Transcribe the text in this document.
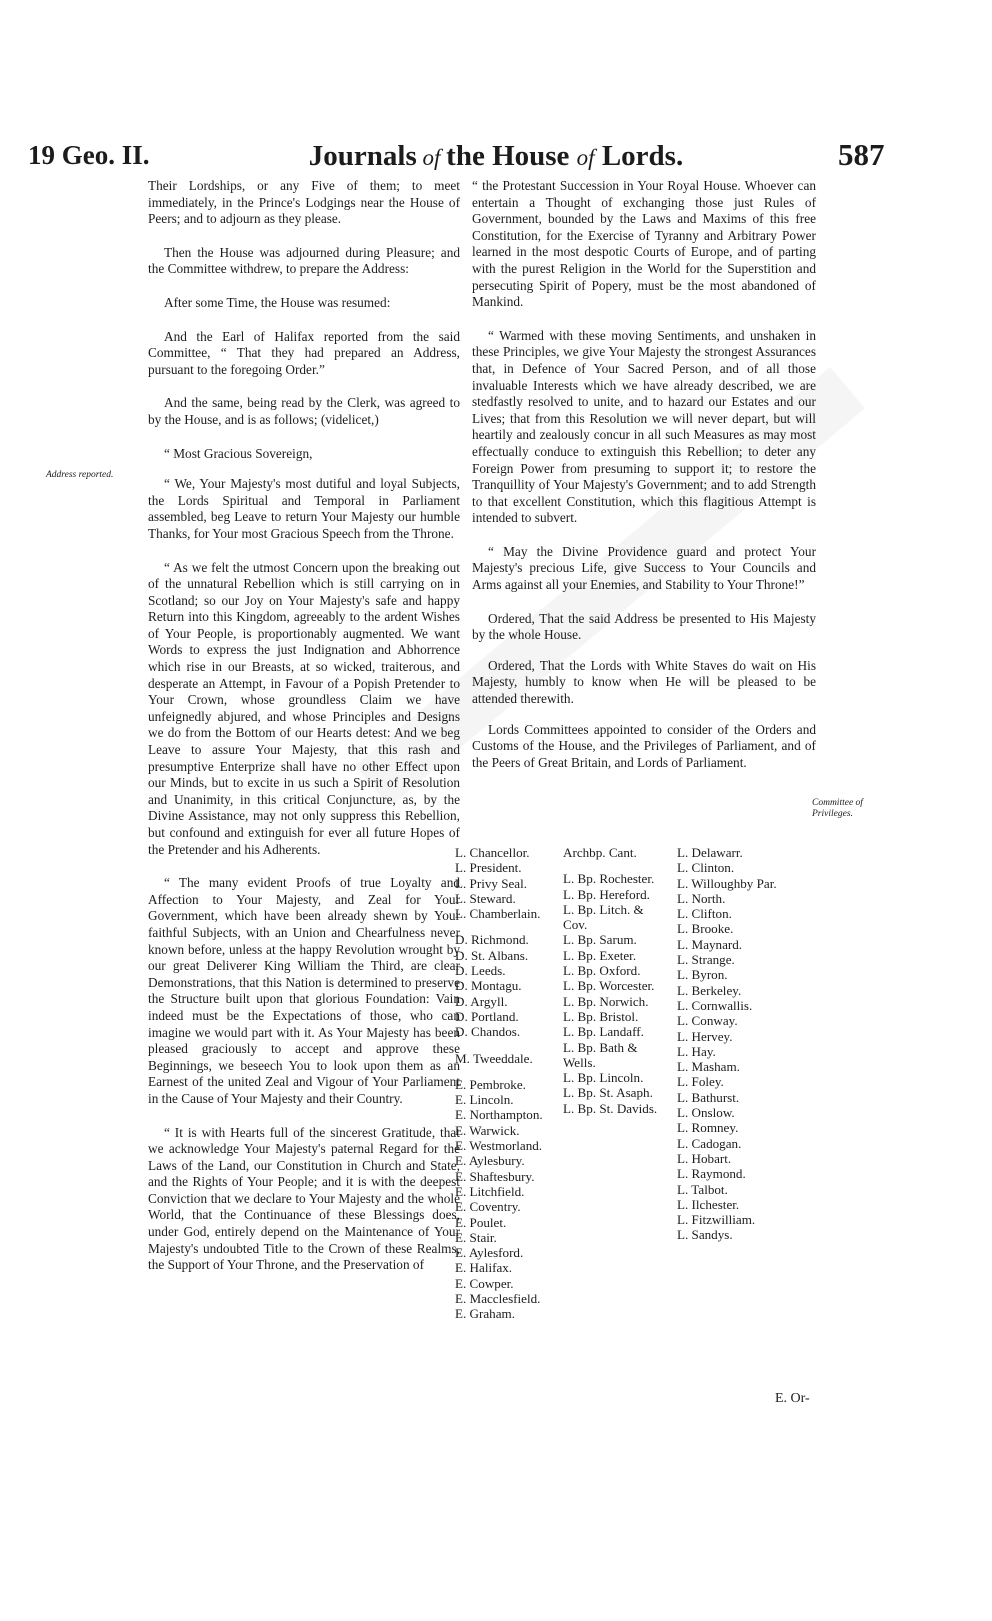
19 Geo. II.	Journals of the House of Lords.	587
Address reported.
Committee of Privileges.

Their Lordships, or any Five of them; to meet immediately, in the Prince's Lodgings near the House of Peers; and to adjourn as they please.

Then the House was adjourned during Pleasure; and the Committee withdrew, to prepare the Address:

After some Time, the House was resumed:

And the Earl of Halifax reported from the said Committee, “ That they had prepared an Address, pursuant to the foregoing Order.”

And the same, being read by the Clerk, was agreed to by the House, and is as follows; (videlicet,)

“ Most Gracious Sovereign,

“ We, Your Majesty's most dutiful and loyal Subjects, the Lords Spiritual and Temporal in Parliament assembled, beg Leave to return Your Majesty our humble Thanks, for Your most Gracious Speech from the Throne.

“ As we felt the utmost Concern upon the breaking out of the unnatural Rebellion which is still carrying on in Scotland; so our Joy on Your Majesty's safe and happy Return into this Kingdom, agreeably to the ardent Wishes of Your People, is proportionably augmented. We want Words to express the just Indignation and Abhorrence which rise in our Breasts, at so wicked, traiterous, and desperate an Attempt, in Favour of a Popish Pretender to Your Crown, whose groundless Claim we have unfeignedly abjured, and whose Principles and Designs we do from the Bottom of our Hearts detest: And we beg Leave to assure Your Majesty, that this rash and presumptive Enterprize shall have no other Effect upon our Minds, but to excite in us such a Spirit of Resolution and Unanimity, in this critical Conjuncture, as, by the Divine Assistance, may not only suppress this Rebellion, but confound and extinguish for ever all future Hopes of the Pretender and his Adherents.

“ The many evident Proofs of true Loyalty and Affection to Your Majesty, and Zeal for Your Government, which have been already shewn by Your faithful Subjects, with an Union and Chearfulness never known before, unless at the happy Revolution wrought by our great Deliverer King William the Third, are clear Demonstrations, that this Nation is determined to preserve the Structure built upon that glorious Foundation: Vain indeed must be the Expectations of those, who can imagine we would part with it. As Your Majesty has been pleased graciously to accept and approve these Beginnings, we beseech You to look upon them as an Earnest of the united Zeal and Vigour of Your Parliament in the Cause of Your Majesty and their Country.

“ It is with Hearts full of the sincerest Gratitude, that we acknowledge Your Majesty's paternal Regard for the Laws of the Land, our Constitution in Church and State, and the Rights of Your People; and it is with the deepest Conviction that we declare to Your Majesty and the whole World, that the Continuance of these Blessings does, under God, entirely depend on the Maintenance of Your Majesty's undoubted Title to the Crown of these Realms, the Support of Your Throne, and the Preservation of

“ the Protestant Succession in Your Royal House. Whoever can entertain a Thought of exchanging those just Rules of Government, bounded by the Laws and Maxims of this free Constitution, for the Exercise of Tyranny and Arbitrary Power learned in the most despotic Courts of Europe, and of parting with the purest Religion in the World for the Superstition and persecuting Spirit of Popery, must be the most abandoned of Mankind.

“ Warmed with these moving Sentiments, and unshaken in these Principles, we give Your Majesty the strongest Assurances that, in Defence of Your Sacred Person, and of all those invaluable Interests which we have already described, we are stedfastly resolved to unite, and to hazard our Estates and our Lives; that from this Resolution we will never depart, but will heartily and zealously concur in all such Measures as may most effectually conduce to extinguish this Rebellion; to deter any Foreign Power from presuming to support it; to restore the Tranquillity of Your Majesty's Government; and to add Strength to that excellent Constitution, which this flagitious Attempt is intended to subvert.

“ May the Divine Providence guard and protect Your Majesty's precious Life, give Success to Your Councils and Arms against all your Enemies, and Stability to Your Throne!”

Ordered, That the said Address be presented to His Majesty by the whole House.

Ordered, That the Lords with White Staves do wait on His Majesty, humbly to know when He will be pleased to be attended therewith.

Lords Committees appointed to consider of the Orders and Customs of the House, and the Privileges of Parliament, and of the Peers of Great Britain, and Lords of Parliament.

L. Chancellor.
L. President.
L. Privy Seal.
L. Steward.
L. Chamberlain.
D. Richmond.
D. St. Albans.
D. Leeds.
D. Montagu.
D. Argyll.
D. Portland.
D. Chandos.
M. Tweeddale.
E. Pembroke.
E. Lincoln.
E. Northampton.
E. Warwick.
E. Westmorland.
E. Aylesbury.
E. Shaftesbury.
E. Litchfield.
E. Coventry.
E. Poulet.
E. Stair.
E. Aylesford.
E. Halifax.
E. Cowper.
E. Macclesfield.
E. Graham.
Archbp. Cant.
L. Bp. Rochester.
L. Bp. Hereford.
L. Bp. Litch. &
Cov.
L. Bp. Sarum.
L. Bp. Exeter.
L. Bp. Oxford.
L. Bp. Worcester.
L. Bp. Norwich.
L. Bp. Bristol.
L. Bp. Landaff.
L. Bp. Bath &
Wells.
L. Bp. Lincoln.
L. Bp. St. Asaph.
L. Bp. St. Davids.
L. Delawarr.
L. Clinton.
L. Willoughby Par.
L. North.
L. Clifton.
L. Brooke.
L. Maynard.
L. Strange.
L. Byron.
L. Berkeley.
L. Cornwallis.
L. Conway.
L. Hervey.
L. Hay.
L. Masham.
L. Foley.
L. Bathurst.
L. Onslow.
L. Romney.
L. Cadogan.
L. Hobart.
L. Raymond.
L. Talbot.
L. Ilchester.
L. Fitzwilliam.
L. Sandys.
E. Or-
